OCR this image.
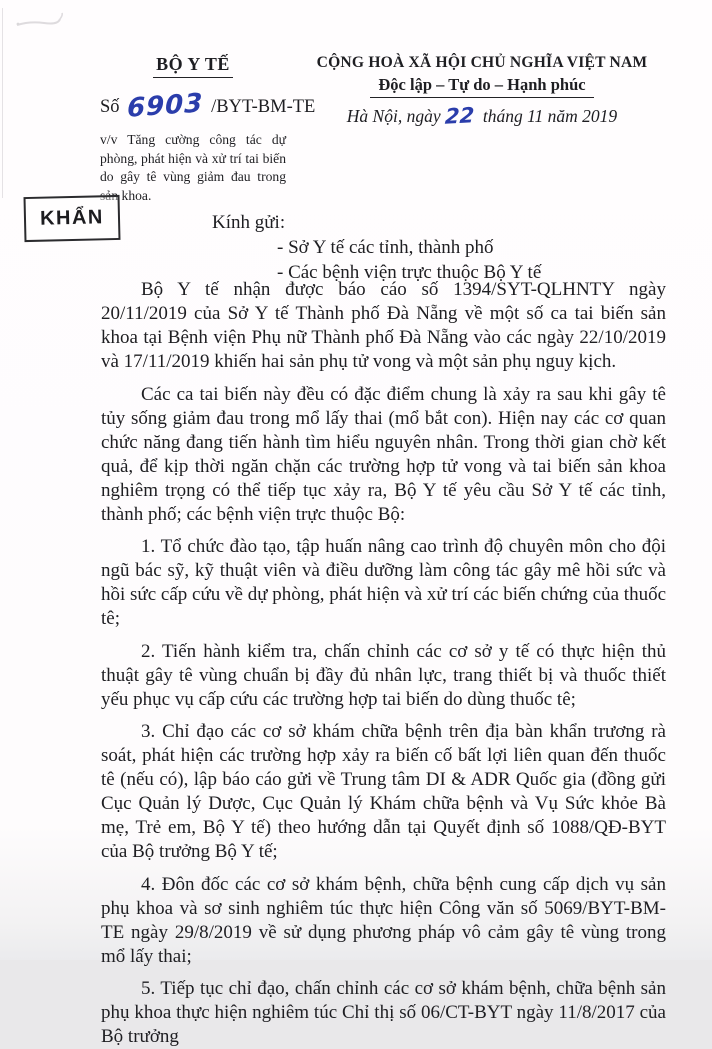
BỘ Y TẾ
Số 6903 /BYT-BM-TE
v/v Tăng cường công tác dự phòng, phát hiện và xử trí tai biến do gây tê vùng giảm đau trong sản khoa.
CỘNG HOÀ XÃ HỘI CHỦ NGHĨA VIỆT NAM
Độc lập – Tự do – Hạnh phúc
Hà Nội, ngày 22 tháng 11 năm 2019
KHẨN	Kính gửi:
- Sở Y tế các tỉnh, thành phố
- Các bệnh viện trực thuộc Bộ Y tế

Bộ Y tế nhận được báo cáo số 1394/SYT-QLHNTY ngày 20/11/2019 của Sở Y tế Thành phố Đà Nẵng về một số ca tai biến sản khoa tại Bệnh viện Phụ nữ Thành phố Đà Nẵng vào các ngày 22/10/2019 và 17/11/2019 khiến hai sản phụ tử vong và một sản phụ nguy kịch.

Các ca tai biến này đều có đặc điểm chung là xảy ra sau khi gây tê tủy sống giảm đau trong mổ lấy thai (mổ bắt con). Hiện nay các cơ quan chức năng đang tiến hành tìm hiểu nguyên nhân. Trong thời gian chờ kết quả, để kịp thời ngăn chặn các trường hợp tử vong và tai biến sản khoa nghiêm trọng có thể tiếp tục xảy ra, Bộ Y tế yêu cầu Sở Y tế các tỉnh, thành phố; các bệnh viện trực thuộc Bộ:

1. Tổ chức đào tạo, tập huấn nâng cao trình độ chuyên môn cho đội ngũ bác sỹ, kỹ thuật viên và điều dưỡng làm công tác gây mê hồi sức và hồi sức cấp cứu về dự phòng, phát hiện và xử trí các biến chứng của thuốc tê;

2. Tiến hành kiểm tra, chấn chỉnh các cơ sở y tế có thực hiện thủ thuật gây tê vùng chuẩn bị đầy đủ nhân lực, trang thiết bị và thuốc thiết yếu phục vụ cấp cứu các trường hợp tai biến do dùng thuốc tê;

3. Chỉ đạo các cơ sở khám chữa bệnh trên địa bàn khẩn trương rà soát, phát hiện các trường hợp xảy ra biến cố bất lợi liên quan đến thuốc tê (nếu có), lập báo cáo gửi về Trung tâm DI & ADR Quốc gia (đồng gửi Cục Quản lý Dược, Cục Quản lý Khám chữa bệnh và Vụ Sức khỏe Bà mẹ, Trẻ em, Bộ Y tế) theo hướng dẫn tại Quyết định số 1088/QĐ-BYT của Bộ trưởng Bộ Y tế;

4. Đôn đốc các cơ sở khám bệnh, chữa bệnh cung cấp dịch vụ sản phụ khoa và sơ sinh nghiêm túc thực hiện Công văn số 5069/BYT-BM-TE ngày 29/8/2019 về sử dụng phương pháp vô cảm gây tê vùng trong mổ lấy thai;

5. Tiếp tục chỉ đạo, chấn chỉnh các cơ sở khám bệnh, chữa bệnh sản phụ khoa thực hiện nghiêm túc Chỉ thị số 06/CT-BYT ngày 11/8/2017 của Bộ trưởng
